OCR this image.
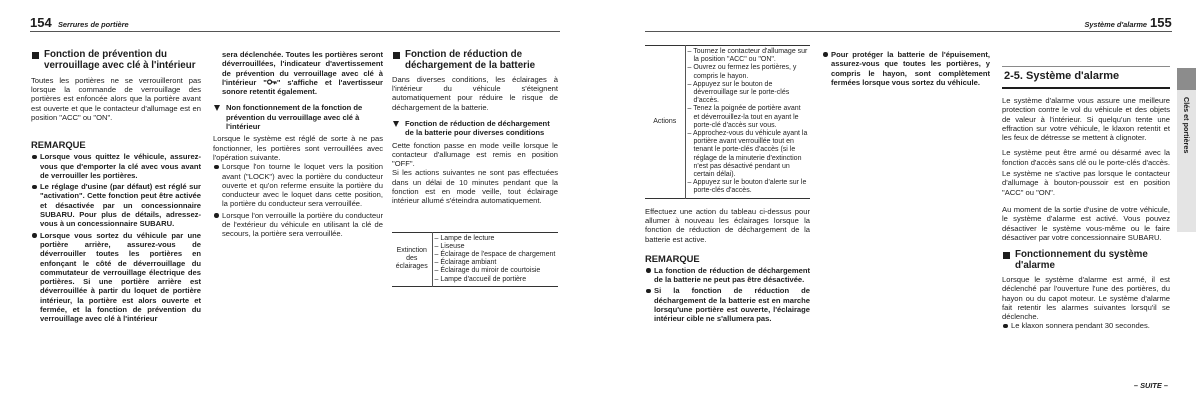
154 Serrures de portière	Système d'alarme 155
Fonction de prévention du verrouillage avec clé à l'intérieur

Toutes les portières ne se verrouilleront pas lorsque la commande de verrouillage des portières est enfoncée alors que la portière avant est ouverte et que le contacteur d'allumage est en position "ACC" ou "ON".

REMARQUE
Lorsque vous quittez le véhicule, assurez-vous que d'emporter la clé avec vous avant de verrouiller les portières.
Le réglage d'usine (par défaut) est réglé sur "activation". Cette fonction peut être activée et désactivée par un concessionnaire SUBARU. Pour plus de détails, adressez-vous à un concessionnaire SUBARU.
Lorsque vous sortez du véhicule par une portière arrière, assurez-vous de déverrouiller toutes les portières en enfonçant le côté de déverrouillage du commutateur de verrouillage électrique des portières. Si une portière arrière est déverrouillée à partir du loquet de portière intérieur, la portière est alors ouverte et fermée, et la fonction de prévention du verrouillage avec clé à l'intérieur

sera déclenchée. Toutes les portières seront déverrouillées, l'indicateur d'avertissement de prévention du verrouillage avec clé à l'intérieur " " s'affiche et l'avertisseur sonore retentit également.

Non fonctionnement de la fonction de prévention du verrouillage avec clé à l'intérieur

Lorsque le système est réglé de sorte à ne pas fonctionner, les portières sont verrouillées avec l'opération suivante.

Lorsque l'on tourne le loquet vers la position avant ("LOCK") avec la portière du conducteur ouverte et qu'on referme ensuite la portière du conducteur avec le loquet dans cette position, la portière du conducteur sera verrouillée.
Lorsque l'on verrouille la portière du conducteur de l'extérieur du véhicule en utilisant la clé de secours, la portière sera verrouillée.
Fonction de réduction de déchargement de la batterie

Dans diverses conditions, les éclairages à l'intérieur du véhicule s'éteignent automatiquement pour réduire le risque de déchargement de la batterie.

Fonction de réduction de déchargement de la batterie pour diverses conditions

Cette fonction passe en mode veille lorsque le contacteur d'allumage est remis en position "OFF".

Si les actions suivantes ne sont pas effectuées dans un délai de 10 minutes pendant que la fonction est en mode veille, tout éclairage intérieur allumé s'éteindra automatiquement.

Extinction des éclairages	
– Lampe de lecture
– Liseuse
– Éclairage de l'espace de chargement
– Éclairage ambiant
– Éclairage du miroir de courtoisie
– Lampe d'accueil de portière
Actions	
– Tournez le contacteur d'allumage sur la position "ACC" ou "ON".
– Ouvrez ou fermez les portières, y compris le hayon.
– Appuyez sur le bouton de déverrouillage sur le porte-clés d'accès.
– Tenez la poignée de portière avant et déverrouillez-la tout en ayant le porte-clé d'accès sur vous.
– Approchez-vous du véhicule ayant la portière avant verrouillée tout en tenant le porte-clés d'accès (si le réglage de la minuterie d'extinction n'est pas désactivé pendant un certain délai).
– Appuyez sur le bouton d'alerte sur le porte-clés d'accès.

Effectuez une action du tableau ci-dessus pour allumer à nouveau les éclairages lorsque la fonction de réduction de déchargement de la batterie est active.

REMARQUE
La fonction de réduction de déchargement de la batterie ne peut pas être désactivée.
Si la fonction de réduction de déchargement de la batterie est en marche lorsqu'une portière est ouverte, l'éclairage intérieur cible ne s'allumera pas.
Pour protéger la batterie de l'épuisement, assurez-vous que toutes les portières, y compris le hayon, sont complètement fermées lorsque vous sortez du véhicule.
2-5. Système d'alarme

Le système d'alarme vous assure une meilleure protection contre le vol du véhicule et des objets de valeur à l'intérieur. Si quelqu'un tente une effraction sur votre véhicule, le klaxon retentit et les feux de détresse se mettent à clignoter.

Le système peut être armé ou désarmé avec la fonction d'accès sans clé ou le porte-clés d'accès.

Le système ne s'active pas lorsque le contacteur d'allumage à bouton-poussoir est en position "ACC" ou "ON".

Au moment de la sortie d'usine de votre véhicule, le système d'alarme est activé. Vous pouvez désactiver le système vous-même ou le faire désactiver par votre concessionnaire SUBARU.

Fonctionnement du système d'alarme

Lorsque le système d'alarme est armé, il est déclenché par l'ouverture l'une des portières, du hayon ou du capot moteur. Le système d'alarme fait retentir les alarmes suivantes lorsqu'il se déclenche.

Le klaxon sonnera pendant 30 secondes.
– SUITE –
Clés et portières
